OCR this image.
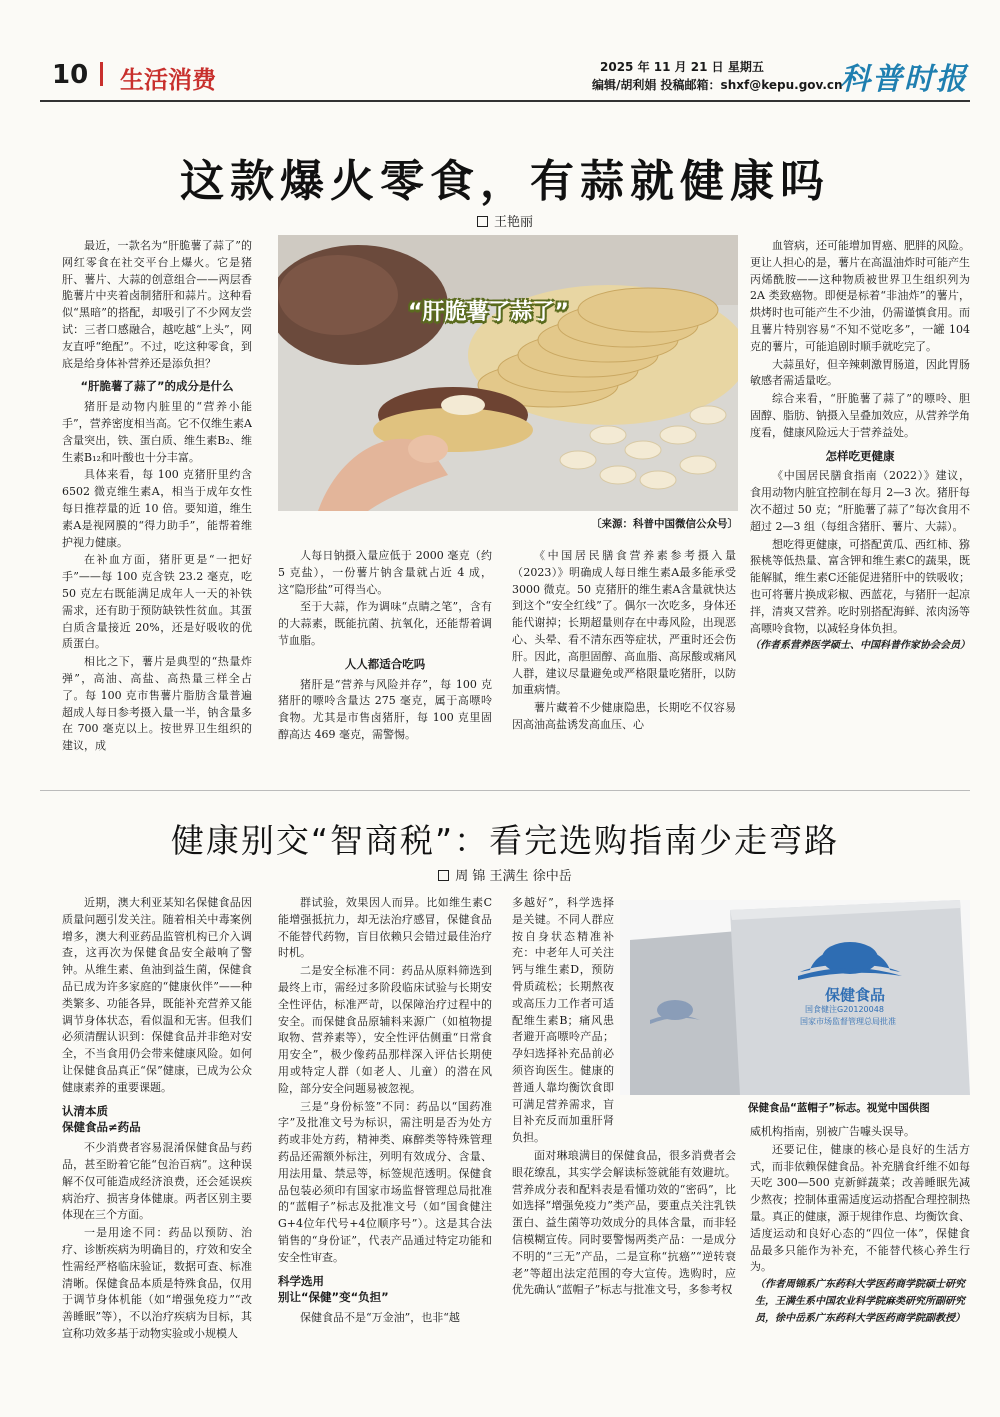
10 生活消费	2025 年 11 月 21 日 星期五
编辑/胡利娟 投稿邮箱：shxf@kepu.gov.cn
科普时报
这款爆火零食，有蒜就健康吗
王艳丽

最近，一款名为“肝脆薯了蒜了”的网红零食在社交平台上爆火。它是猪肝、薯片、大蒜的创意组合——两层香脆薯片中夹着卤制猪肝和蒜片。这种看似“黑暗”的搭配，却吸引了不少网友尝试：三者口感融合，越吃越“上头”，网友直呼“绝配”。不过，吃这种零食，到底是给身体补营养还是添负担？

“肝脆薯了蒜了”的成分是什么

猪肝是动物内脏里的“营养小能手”，营养密度相当高。它不仅维生素A含量突出，铁、蛋白质、维生素B₂、维生素B₁₂和叶酸也十分丰富。

具体来看，每 100 克猪肝里约含 6502 微克维生素A，相当于成年女性每日推荐量的近 10 倍。要知道，维生素A是视网膜的“得力助手”，能帮着维护视力健康。

在补血方面，猪肝更是“一把好手”——每 100 克含铁 23.2 毫克，吃 50 克左右既能满足成年人一天的补铁需求，还有助于预防缺铁性贫血。其蛋白质含量接近 20%，还是好吸收的优质蛋白。

相比之下，薯片是典型的“热量炸弹”，高油、高盐、高热量三样全占了。每 100 克市售薯片脂肪含量普遍超成人每日参考摄入量一半，钠含量多在 700 毫克以上。按世界卫生组织的建议，成

“肝脆薯了蒜了”
〔来源：科普中国微信公众号〕

人每日钠摄入量应低于 2000 毫克（约 5 克盐），一份薯片钠含量就占近 4 成，这“隐形盐”可得当心。

至于大蒜，作为调味“点睛之笔”，含有的大蒜素，既能抗菌、抗氧化，还能帮着调节血脂。

人人都适合吃吗

猪肝是“营养与风险并存”，每 100 克猪肝的嘌呤含量达 275 毫克，属于高嘌呤食物。尤其是市售卤猪肝，每 100 克里固醇高达 469 毫克，需警惕。

《中国居民膳食营养素参考摄入量（2023）》明确成人每日维生素A最多能承受 3000 微克。50 克猪肝的维生素A含量就快达到这个“安全红线”了。偶尔一次吃多，身体还能代谢掉；长期超量则存在中毒风险，出现恶心、头晕、看不清东西等症状，严重时还会伤肝。因此，高胆固醇、高血脂、高尿酸或痛风人群，建议尽量避免或严格限量吃猪肝，以防加重病情。

薯片藏着不少健康隐患，长期吃不仅容易因高油高盐诱发高血压、心

血管病，还可能增加胃癌、肥胖的风险。更让人担心的是，薯片在高温油炸时可能产生丙烯酰胺——这种物质被世界卫生组织列为 2A 类致癌物。即便是标着“非油炸”的薯片，烘烤时也可能产生不少油，仍需谨慎食用。而且薯片特别容易“不知不觉吃多”，一罐 104 克的薯片，可能追剧时顺手就吃完了。

大蒜虽好，但辛辣刺激胃肠道，因此胃肠敏感者需适量吃。

综合来看，“肝脆薯了蒜了”的嘌呤、胆固醇、脂肪、钠摄入呈叠加效应，从营养学角度看，健康风险远大于营养益处。

怎样吃更健康

《中国居民膳食指南（2022）》建议，食用动物内脏宜控制在每月 2—3 次。猪肝每次不超过 50 克；“肝脆薯了蒜了”每次食用不超过 2—3 组（每组含猪肝、薯片、大蒜）。

想吃得更健康，可搭配黄瓜、西红柿、猕猴桃等低热量、富含钾和维生素C的蔬果，既能解腻，维生素C还能促进猪肝中的铁吸收；也可将薯片换成彩椒、西蓝花，与猪肝一起凉拌，清爽又营养。吃时别搭配海鲜、浓肉汤等高嘌呤食物，以减轻身体负担。

（作者系营养医学硕士、中国科普作家协会会员）

健康别交“智商税”：看完选购指南少走弯路
周 锦 王满生 徐中岳

近期，澳大利亚某知名保健食品因质量问题引发关注。随着相关中毒案例增多，澳大利亚药品监管机构已介入调查，这再次为保健食品安全敲响了警钟。从维生素、鱼油到益生菌，保健食品已成为许多家庭的“健康伙伴”——种类繁多、功能各异，既能补充营养又能调节身体状态，看似温和无害。但我们必须清醒认识到：保健食品并非绝对安全，不当食用仍会带来健康风险。如何让保健食品真正“保”健康，已成为公众健康素养的重要课题。

认清本质
保健食品≠药品

不少消费者容易混淆保健食品与药品，甚至盼着它能“包治百病”。这种误解不仅可能造成经济浪费，还会延误疾病治疗、损害身体健康。两者区别主要体现在三个方面。

一是用途不同：药品以预防、治疗、诊断疾病为明确目的，疗效和安全性需经严格临床验证，数据可查、标准清晰。保健食品本质是特殊食品，仅用于调节身体机能（如“增强免疫力”“改善睡眠”等），不以治疗疾病为目标，其宣称功效多基于动物实验或小规模人

群试验，效果因人而异。比如维生素C能增强抵抗力，却无法治疗感冒，保健食品不能替代药物，盲目依赖只会错过最佳治疗时机。

二是安全标准不同：药品从原料筛选到最终上市，需经过多阶段临床试验与长期安全性评估，标准严苛，以保障治疗过程中的安全。而保健食品原辅料来源广（如植物提取物、营养素等），安全性评估侧重“日常食用安全”，极少像药品那样深入评估长期使用或特定人群（如老人、儿童）的潜在风险，部分安全问题易被忽视。

三是“身份标签”不同：药品以“国药准字”及批准文号为标识，需注明是否为处方药或非处方药，精神类、麻醉类等特殊管理药品还需额外标注，列明有效成分、含量、用法用量、禁忌等，标签规范透明。保健食品包装必须印有国家市场监督管理总局批准的“蓝帽子”标志及批准文号（如“国食健注G+4位年代号+4位顺序号”）。这是其合法销售的“身份证”，代表产品通过特定功能和安全性审查。

科学选用
别让“保健”变“负担”

保健食品不是“万金油”，也非“越

多越好”，科学选择是关键。不同人群应按自身状态精准补充：中老年人可关注钙与维生素D，预防骨质疏松；长期熬夜或高压力工作者可适配维生素B；痛风患者避开高嘌呤产品；孕妇选择补充品前必须咨询医生。健康的普通人靠均衡饮食即可满足营养需求，盲目补充反而加重肝肾负担。

面对琳琅满目的保健食品，很多消费者会眼花缭乱，其实学会解读标签就能有效避坑。营养成分表和配料表是看懂功效的“密码”，比如选择“增强免疫力”类产品，要重点关注乳铁蛋白、益生菌等功效成分的具体含量，而非轻信模糊宣传。同时要警惕两类产品：一是成分不明的“三无”产品，二是宣称“抗癌”“逆转衰老”等超出法定范围的夸大宣传。选购时，应优先确认“蓝帽子”标志与批准文号，多参考权

保健食品
国食健注G20120048
国家市场监督管理总局批准
保健食品“蓝帽子”标志。视觉中国供图

威机构指南，别被广告噱头误导。

还要记住，健康的核心是良好的生活方式，而非依赖保健食品。补充膳食纤维不如每天吃 300—500 克新鲜蔬菜；改善睡眠先减少熬夜；控制体重需适度运动搭配合理控制热量。真正的健康，源于规律作息、均衡饮食、适度运动和良好心态的“四位一体”，保健食品最多只能作为补充，不能替代核心养生行为。

（作者周锦系广东药科大学医药商学院硕士研究生，王满生系中国农业科学院麻类研究所副研究员，徐中岳系广东药科大学医药商学院副教授）
